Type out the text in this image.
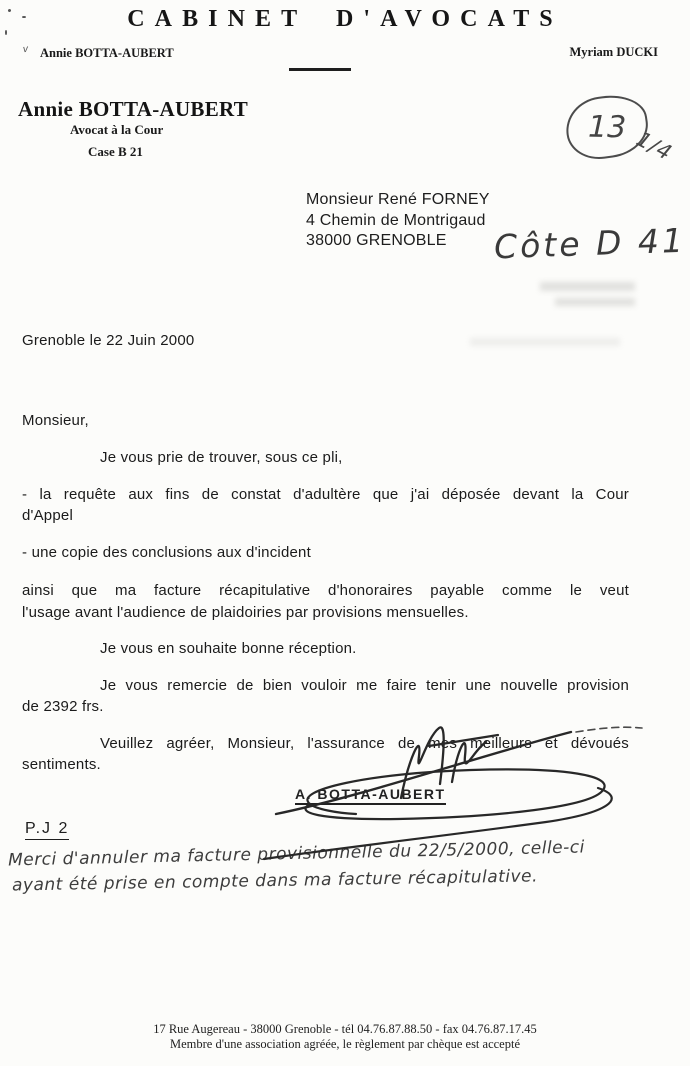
CABINET D'AVOCATS
Annie BOTTA-AUBERT	Myriam DUCKI
v
Annie BOTTA-AUBERT
Avocat à la Cour
Case B 21
Monsieur René FORNEY
4 Chemin de Montrigaud
38000 GRENOBLE
13 1/4
Côte D 41
Grenoble le 22 Juin 2000
Monsieur,

Je vous prie de trouver, sous ce pli,

- la requête aux fins de constat d'adultère que j'ai déposée devant la Cour
d'Appel

- une copie des conclusions aux d'incident

ainsi que ma facture récapitulative d'honoraires payable comme le veut
l'usage avant l'audience de plaidoiries par provisions mensuelles.

Je vous en souhaite bonne réception.

Je vous remercie de bien vouloir me faire tenir une nouvelle provision
de 2392 frs.

Veuillez agréer, Monsieur, l'assurance de mes meilleurs et dévoués
sentiments.

A. BOTTA-AUBERT
P.J 2
Merci d'annuler ma facture provisionnelle du 22/5/2000, celle-ci
ayant été prise en compte dans ma facture récapitulative.
17 Rue Augereau - 38000 Grenoble - tél 04.76.87.88.50 - fax 04.76.87.17.45
Membre d'une association agréée, le règlement par chèque est accepté
